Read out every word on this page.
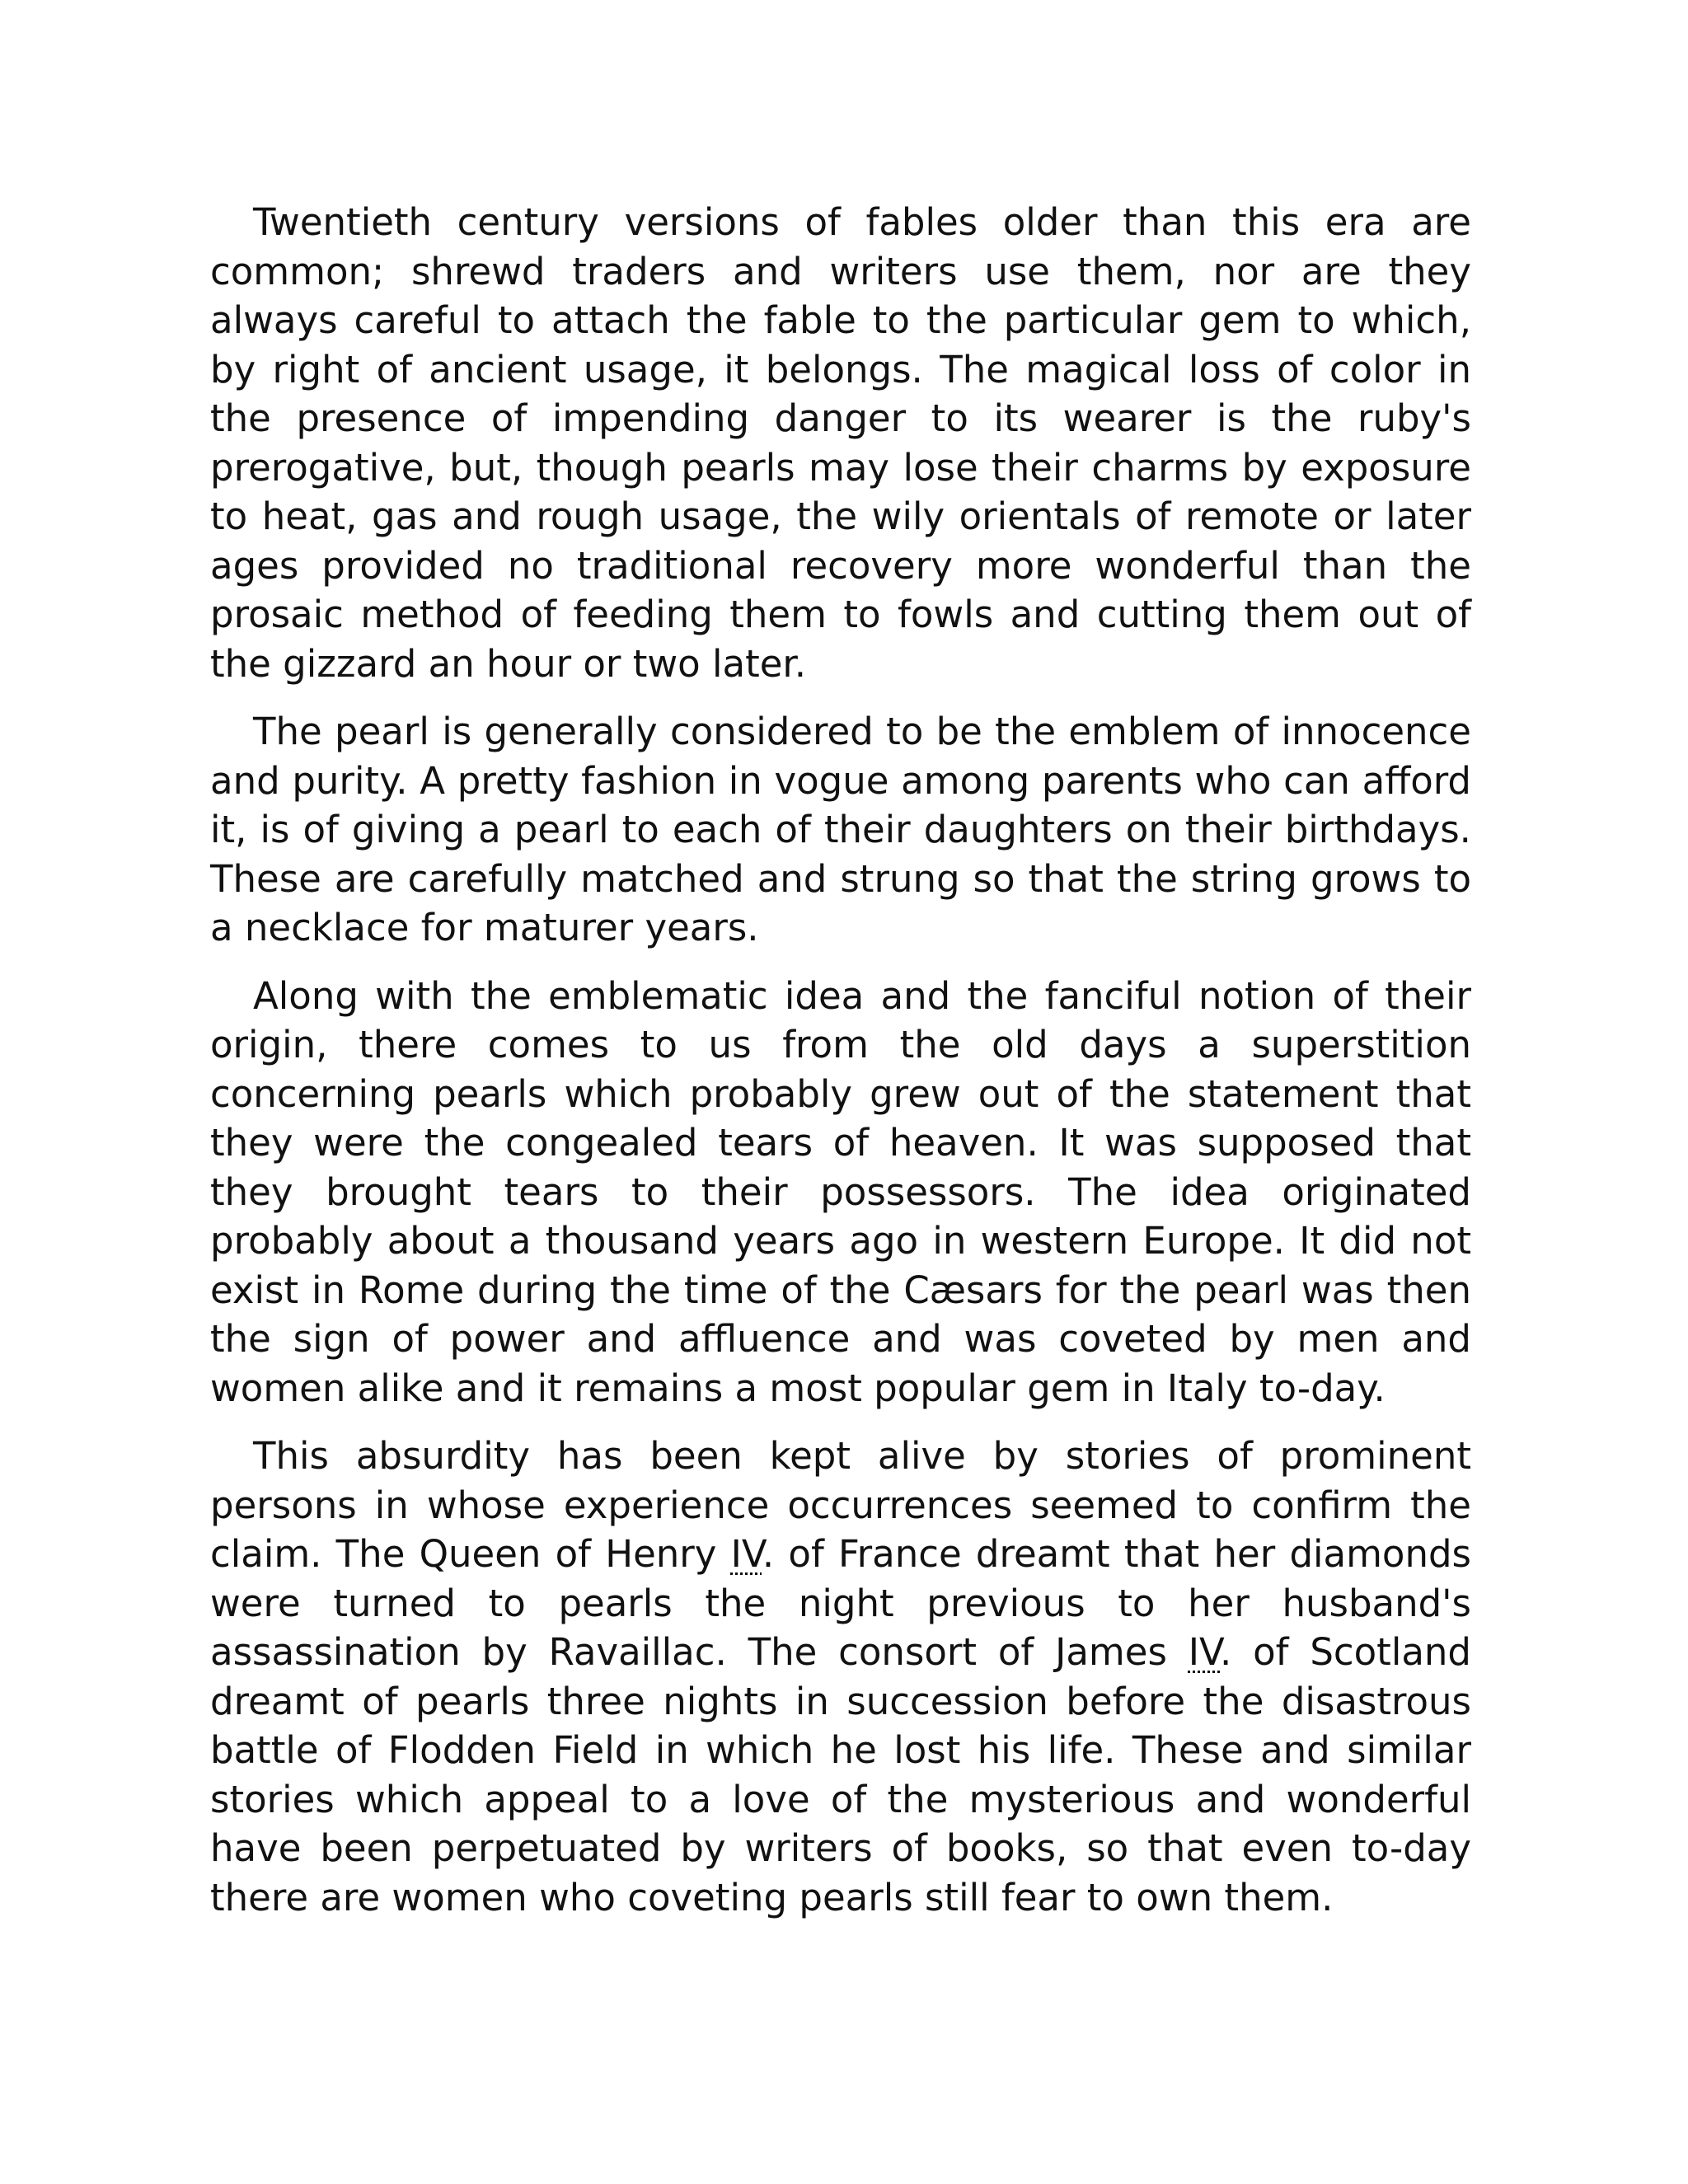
Twentieth century versions of fables older than this era are common; shrewd traders and writers use them, nor are they always careful to attach the fable to the particular gem to which, by right of ancient usage, it belongs. The magical loss of color in the presence of impending danger to its wearer is the ruby's prerogative, but, though pearls may lose their charms by exposure to heat, gas and rough usage, the wily orientals of remote or later ages provided no traditional recovery more wonderful than the prosaic method of feeding them to fowls and cutting them out of the gizzard an hour or two later.

The pearl is generally considered to be the emblem of innocence and purity. A pretty fashion in vogue among parents who can afford it, is of giving a pearl to each of their daughters on their birthdays. These are carefully matched and strung so that the string grows to a necklace for maturer years.

Along with the emblematic idea and the fanciful notion of their origin, there comes to us from the old days a superstition concerning pearls which probably grew out of the statement that they were the congealed tears of heaven. It was supposed that they brought tears to their possessors. The idea originated probably about a thousand years ago in western Europe. It did not exist in Rome during the time of the Cæsars for the pearl was then the sign of power and affluence and was coveted by men and women alike and it remains a most popular gem in Italy to-day.

This absurdity has been kept alive by stories of prominent persons in whose experience occurrences seemed to confirm the claim. The Queen of Henry IV. of France dreamt that her diamonds were turned to pearls the night previous to her husband's assassination by Ravaillac. The consort of James IV. of Scotland dreamt of pearls three nights in succession before the disastrous battle of Flodden Field in which he lost his life. These and similar stories which appeal to a love of the mysterious and wonderful have been perpetuated by writers of books, so that even to-day there are women who coveting pearls still fear to own them.
